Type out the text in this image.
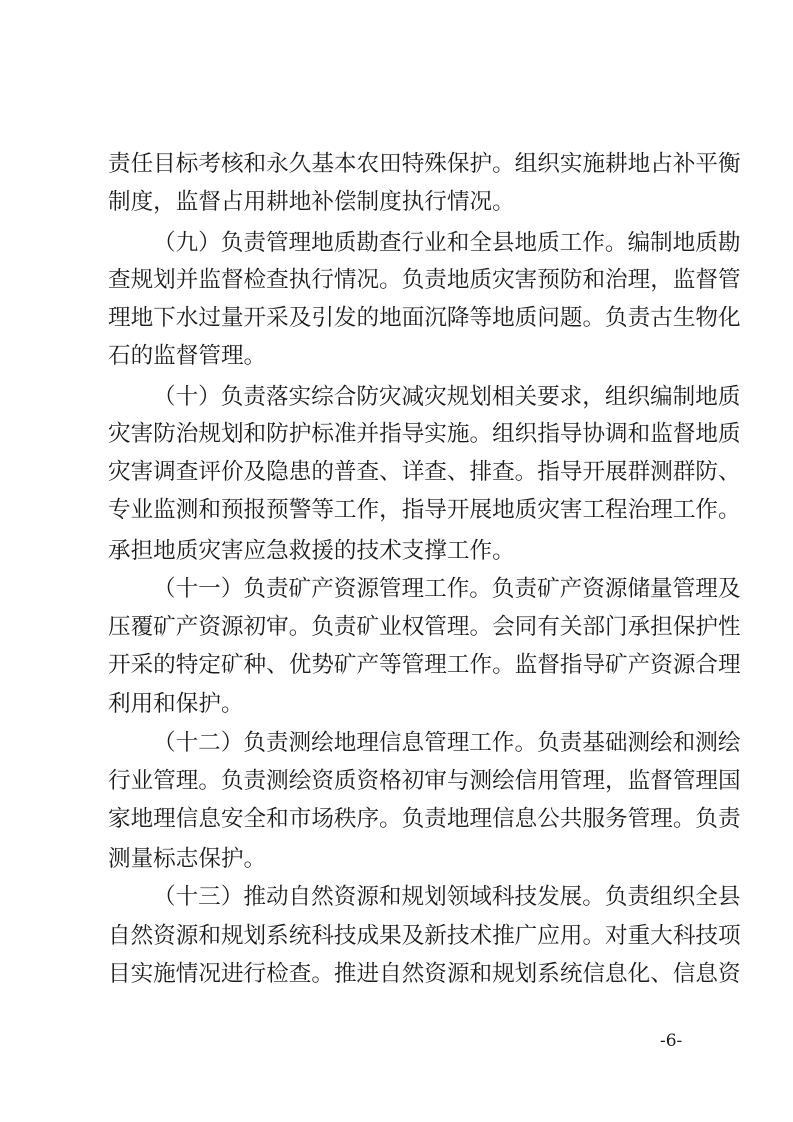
责任目标考核和永久基本农田特殊保护。组织实施耕地占补平衡
制度，监督占用耕地补偿制度执行情况。
（九）负责管理地质勘查行业和全县地质工作。编制地质勘
查规划并监督检查执行情况。负责地质灾害预防和治理，监督管
理地下水过量开采及引发的地面沉降等地质问题。负责古生物化
石的监督管理。
（十）负责落实综合防灾减灾规划相关要求，组织编制地质
灾害防治规划和防护标准并指导实施。组织指导协调和监督地质
灾害调查评价及隐患的普查、详查、排查。指导开展群测群防、
专业监测和预报预警等工作，指导开展地质灾害工程治理工作。
承担地质灾害应急救援的技术支撑工作。
（十一）负责矿产资源管理工作。负责矿产资源储量管理及
压覆矿产资源初审。负责矿业权管理。会同有关部门承担保护性
开采的特定矿种、优势矿产等管理工作。监督指导矿产资源合理
利用和保护。
（十二）负责测绘地理信息管理工作。负责基础测绘和测绘
行业管理。负责测绘资质资格初审与测绘信用管理，监督管理国
家地理信息安全和市场秩序。负责地理信息公共服务管理。负责
测量标志保护。
（十三）推动自然资源和规划领域科技发展。负责组织全县
自然资源和规划系统科技成果及新技术推广应用。对重大科技项
目实施情况进行检查。推进自然资源和规划系统信息化、信息资
-6-
